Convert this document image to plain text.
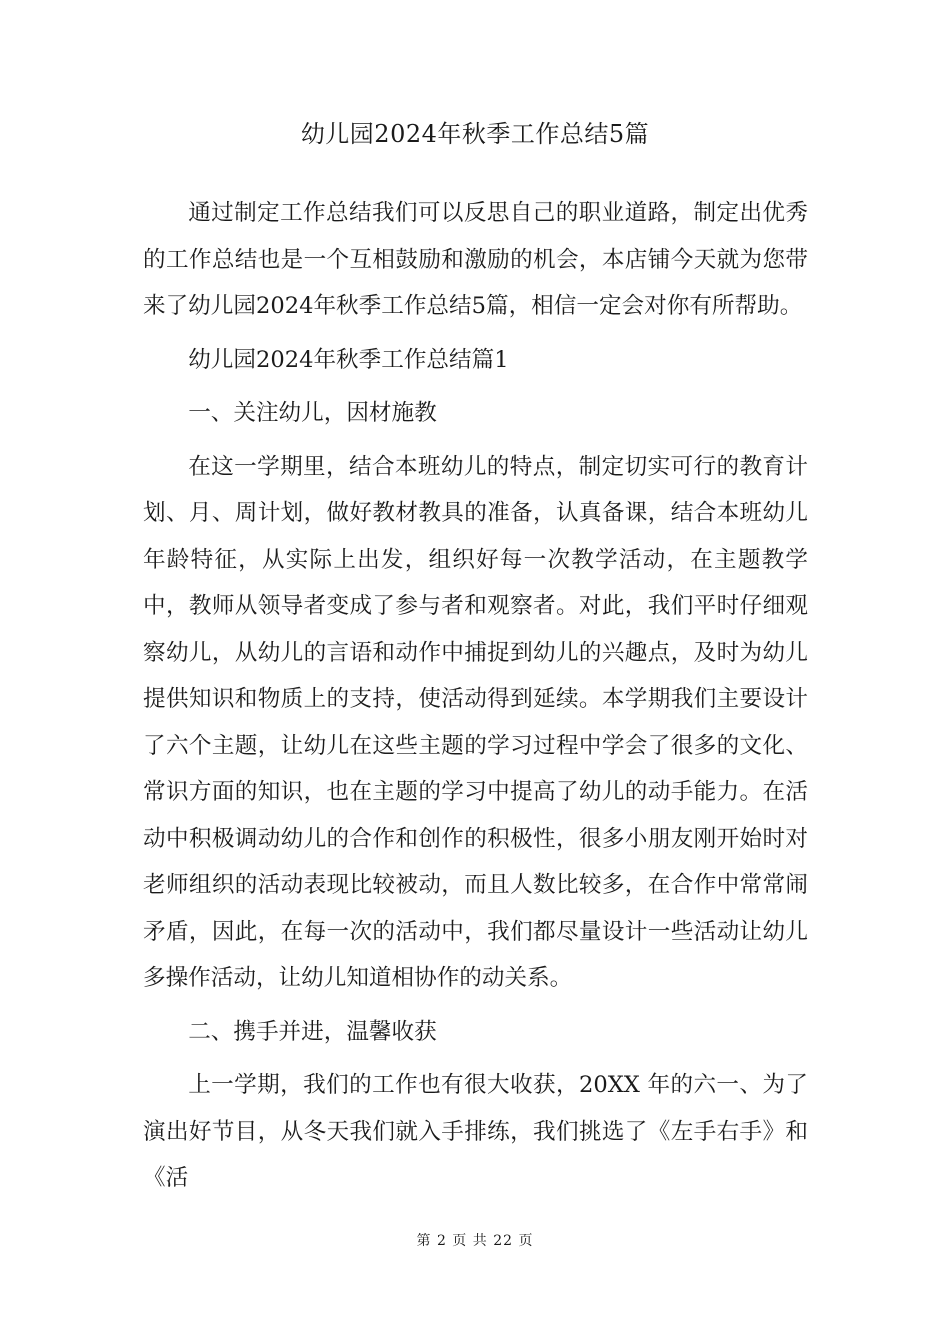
幼儿园2024年秋季工作总结5篇

通过制定工作总结我们可以反思自己的职业道路，制定出优秀的工作总结也是一个互相鼓励和激励的机会，本店铺今天就为您带来了幼儿园2024年秋季工作总结5篇，相信一定会对你有所帮助。

幼儿园2024年秋季工作总结篇1

一、关注幼儿，因材施教

在这一学期里，结合本班幼儿的特点，制定切实可行的教育计划、月、周计划，做好教材教具的准备，认真备课，结合本班幼儿年龄特征，从实际上出发，组织好每一次教学活动，在主题教学中，教师从领导者变成了参与者和观察者。对此，我们平时仔细观察幼儿，从幼儿的言语和动作中捕捉到幼儿的兴趣点，及时为幼儿提供知识和物质上的支持，使活动得到延续。本学期我们主要设计了六个主题，让幼儿在这些主题的学习过程中学会了很多的文化、常识方面的知识，也在主题的学习中提高了幼儿的动手能力。在活动中积极调动幼儿的合作和创作的积极性，很多小朋友刚开始时对老师组织的活动表现比较被动，而且人数比较多，在合作中常常闹矛盾，因此，在每一次的活动中，我们都尽量设计一些活动让幼儿多操作活动，让幼儿知道相协作的动关系。

二、携手并进，温馨收获

上一学期，我们的工作也有很大收获，20XX 年的六一、为了演出好节目，从冬天我们就入手排练，我们挑选了《左手右手》和《活

第 2 页 共 22 页
